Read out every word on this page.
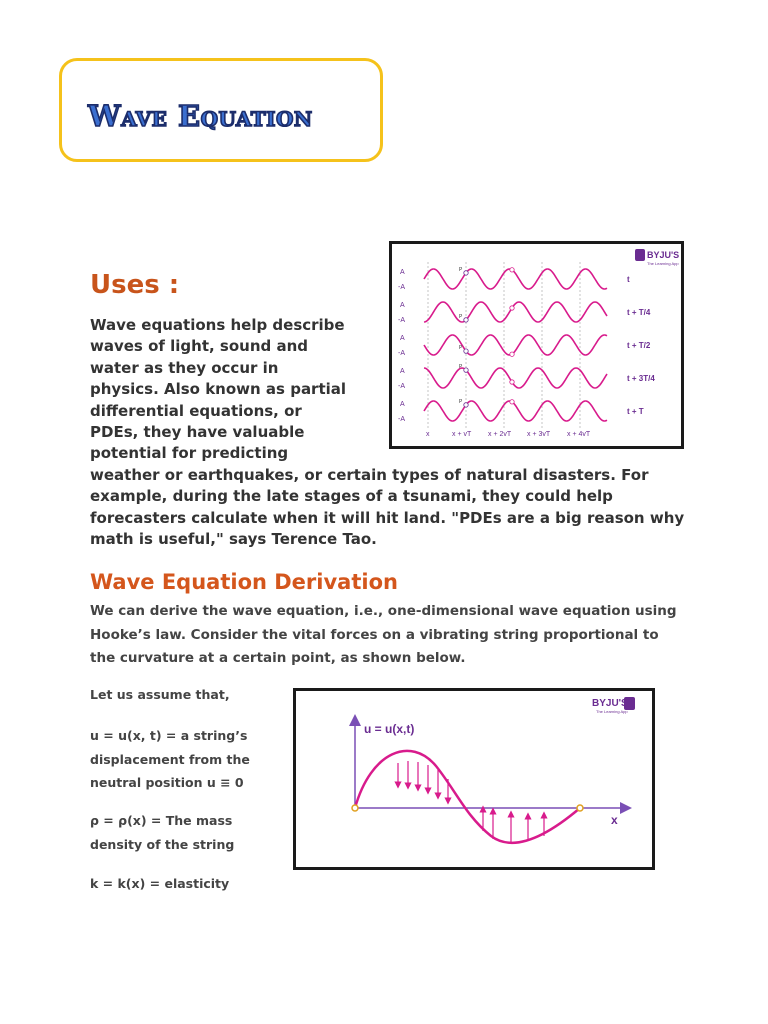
Wave Equation
Uses :
Wave equations help describe waves of light, sound and water as they occur in physics. Also known as partial differential equations, or PDEs, they have valuable potential for predicting weather or earthquakes, or certain types of natural disasters. For example, during the late stages of a tsunami, they could help forecasters calculate when it will hit land. "PDEs are a big reason why math is useful," says Terence Tao.
BYJU'S
The Learning App
A
-A
t
P
A
-A
t + T/4
P
A
-A
t + T/2
P
A
-A
t + 3T/4
P
A
-A
t + T
P
x	x + vT x + 2vT x + 3vT x + 4vT
Wave Equation Derivation
We can derive the wave equation, i.e., one-dimensional wave equation using Hooke’s law. Consider the vital forces on a vibrating string proportional to the curvature at a certain point, as shown below.
Let us assume that,
u = u(x, t) = a string’s displacement from the neutral position u ≡ 0
ρ = ρ(x) = The mass density of the string
k = k(x) = elasticity
BYJU'S
The Learning App
u = u(x,t)
x
